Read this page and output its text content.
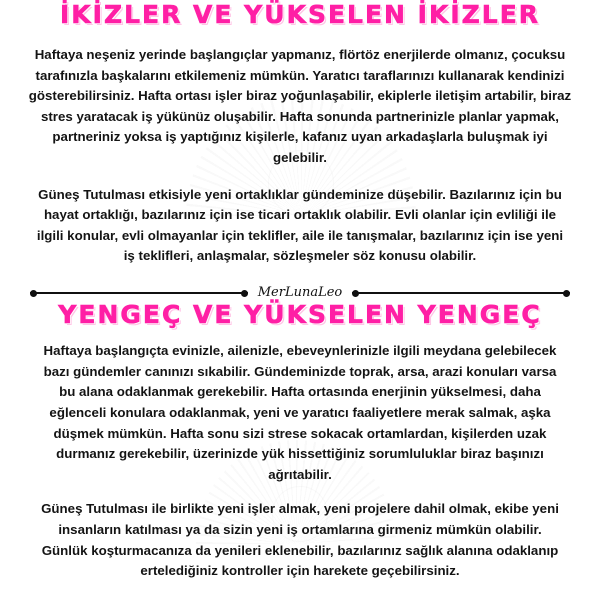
İKİZLER VE YÜKSELEN İKİZLER

Haftaya neşeniz yerinde başlangıçlar yapmanız, flörtöz enerjilerde olmanız, çocuksu tarafınızla başkalarını etkilemeniz mümkün. Yaratıcı taraflarınızı kullanarak kendinizi gösterebilirsiniz. Hafta ortası işler biraz yoğunlaşabilir, ekiplerle iletişim artabilir, biraz stres yaratacak iş yükünüz oluşabilir. Hafta sonunda partnerinizle planlar yapmak, partneriniz yoksa iş yaptığınız kişilerle, kafanız uyan arkadaşlarla buluşmak iyi gelebilir.

Güneş Tutulması etkisiyle yeni ortaklıklar gündeminize düşebilir. Bazılarınız için bu hayat ortaklığı, bazılarınız için ise ticari ortaklık olabilir. Evli olanlar için evliliği ile ilgili konular, evli olmayanlar için teklifler, aile ile tanışmalar, bazılarınız için ise yeni iş teklifleri, anlaşmalar, sözleşmeler söz konusu olabilir.

MerLunaLeo
YENGEÇ VE YÜKSELEN YENGEÇ

Haftaya başlangıçta evinizle, ailenizle, ebeveynlerinizle ilgili meydana gelebilecek bazı gündemler canınızı sıkabilir. Gündeminizde toprak, arsa, arazi konuları varsa bu alana odaklanmak gerekebilir. Hafta ortasında enerjinin yükselmesi, daha eğlenceli konulara odaklanmak, yeni ve yaratıcı faaliyetlere merak salmak, aşka düşmek mümkün. Hafta sonu sizi strese sokacak ortamlardan, kişilerden uzak durmanız gerekebilir, üzerinizde yük hissettiğiniz sorumluluklar biraz başınızı ağrıtabilir.

Güneş Tutulması ile birlikte yeni işler almak, yeni projelere dahil olmak, ekibe yeni insanların katılması ya da sizin yeni iş ortamlarına girmeniz mümkün olabilir. Günlük koşturmacanıza da yenileri eklenebilir, bazılarınız sağlık alanına odaklanıp ertelediğiniz kontroller için harekete geçebilirsiniz.
